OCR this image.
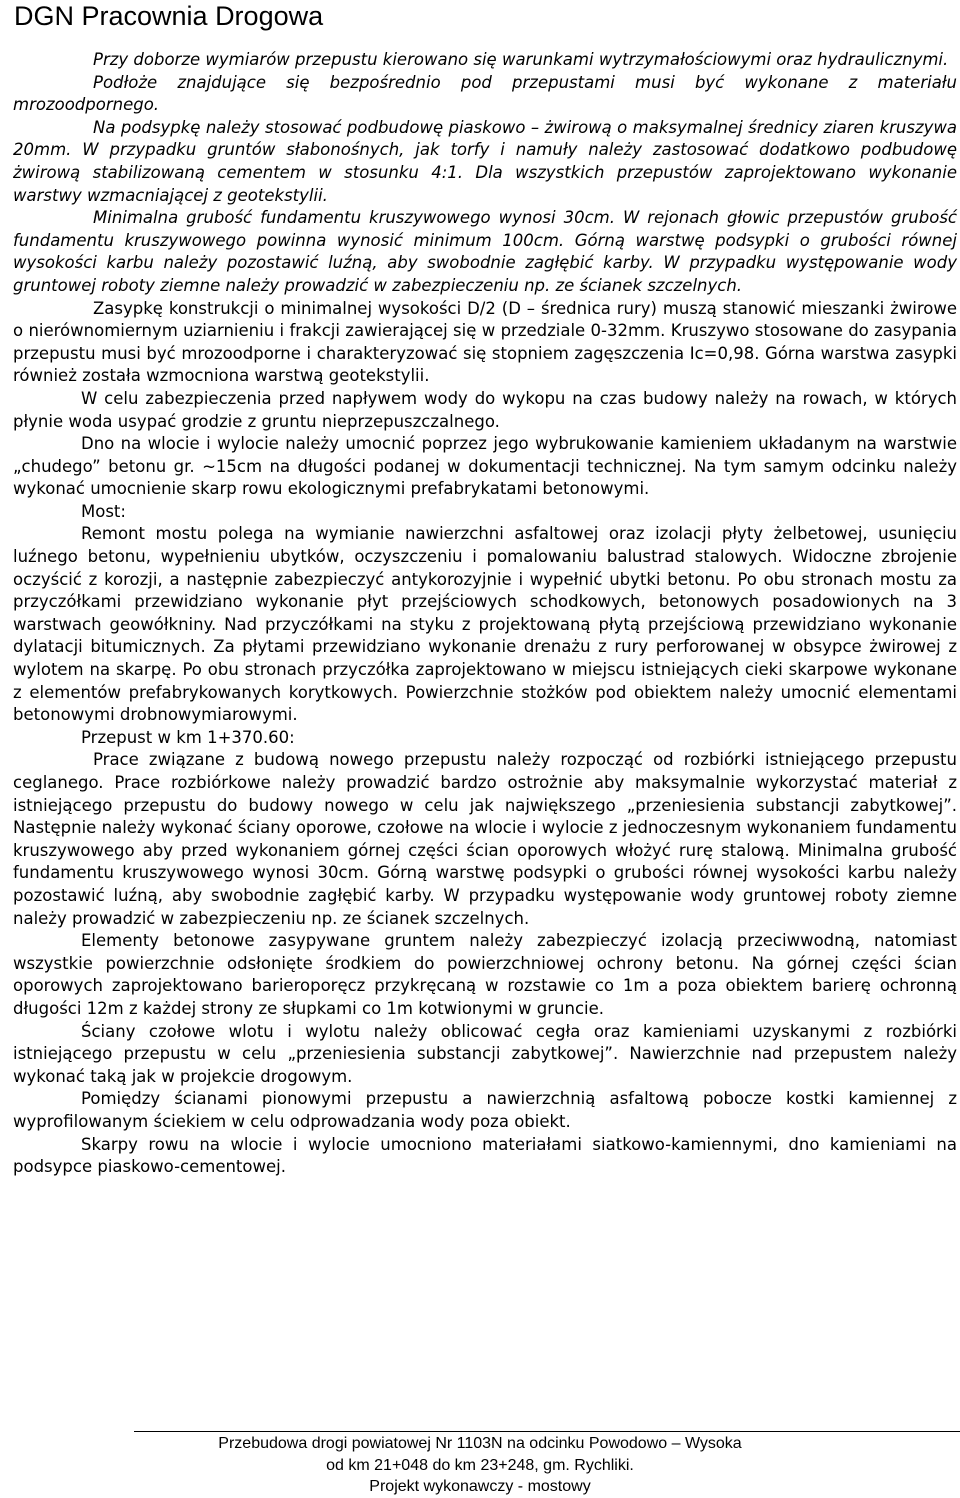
DGN Pracownia Drogowa

Przy doborze wymiarów przepustu kierowano się warunkami wytrzymałościowymi oraz hydraulicznymi.

Podłoże znajdujące się bezpośrednio pod przepustami musi być wykonane z materiału mrozoodpornego.

Na podsypkę należy stosować podbudowę piaskowo – żwirową o maksymalnej średnicy ziaren kruszywa 20mm. W przypadku gruntów słabonośnych, jak torfy i namuły należy zastosować dodatkowo podbudowę żwirową stabilizowaną cementem w stosunku 4:1. Dla wszystkich przepustów zaprojektowano wykonanie warstwy wzmacniającej z geotekstylii.

Minimalna grubość fundamentu kruszywowego wynosi 30cm. W rejonach głowic przepustów grubość fundamentu kruszywowego powinna wynosić minimum 100cm. Górną warstwę podsypki o grubości równej wysokości karbu należy pozostawić luźną, aby swobodnie zagłębić karby. W przypadku występowanie wody gruntowej roboty ziemne należy prowadzić w zabezpieczeniu np. ze ścianek szczelnych.

Zasypkę konstrukcji o minimalnej wysokości D/2 (D – średnica rury) muszą stanowić mieszanki żwirowe o nierównomiernym uziarnieniu i frakcji zawierającej się w przedziale 0-32mm. Kruszywo stosowane do zasypania przepustu musi być mrozoodporne i charakteryzować się stopniem zagęszczenia Ic=0,98. Górna warstwa zasypki również została wzmocniona warstwą geotekstylii.

W celu zabezpieczenia przed napływem wody do wykopu na czas budowy należy na rowach, w których płynie woda usypać grodzie z gruntu nieprzepuszczalnego.

Dno na wlocie i wylocie należy umocnić poprzez jego wybrukowanie kamieniem układanym na warstwie „chudego” betonu gr. ~15cm na długości podanej w dokumentacji technicznej. Na tym samym odcinku należy wykonać umocnienie skarp rowu ekologicznymi prefabrykatami betonowymi.

Most:

Remont mostu polega na wymianie nawierzchni asfaltowej oraz izolacji płyty żelbetowej, usunięciu luźnego betonu, wypełnieniu ubytków, oczyszczeniu i pomalowaniu balustrad stalowych. Widoczne zbrojenie oczyścić z korozji, a następnie zabezpieczyć antykorozyjnie i wypełnić ubytki betonu. Po obu stronach mostu za przyczółkami przewidziano wykonanie płyt przejściowych schodkowych, betonowych posadowionych na 3 warstwach geowółkniny. Nad przyczółkami na styku z projektowaną płytą przejściową przewidziano wykonanie dylatacji bitumicznych. Za płytami przewidziano wykonanie drenażu z rury perforowanej w obsypce żwirowej z wylotem na skarpę. Po obu stronach przyczółka zaprojektowano w miejscu istniejących cieki skarpowe wykonane z elementów prefabrykowanych korytkowych. Powierzchnie stożków pod obiektem należy umocnić elementami betonowymi drobnowymiarowymi.

Przepust w km 1+370.60:

Prace związane z budową nowego przepustu należy rozpocząć od rozbiórki istniejącego przepustu ceglanego. Prace rozbiórkowe należy prowadzić bardzo ostrożnie aby maksymalnie wykorzystać materiał z istniejącego przepustu do budowy nowego w celu jak największego „przeniesienia substancji zabytkowej”. Następnie należy wykonać ściany oporowe, czołowe na wlocie i wylocie z jednoczesnym wykonaniem fundamentu kruszywowego aby przed wykonaniem górnej części ścian oporowych włożyć rurę stalową. Minimalna grubość fundamentu kruszywowego wynosi 30cm. Górną warstwę podsypki o grubości równej wysokości karbu należy pozostawić luźną, aby swobodnie zagłębić karby. W przypadku występowanie wody gruntowej roboty ziemne należy prowadzić w zabezpieczeniu np. ze ścianek szczelnych.

Elementy betonowe zasypywane gruntem należy zabezpieczyć izolacją przeciwwodną, natomiast wszystkie powierzchnie odsłonięte środkiem do powierzchniowej ochrony betonu. Na górnej części ścian oporowych zaprojektowano barieroporęcz przykręcaną w rozstawie co 1m a poza obiektem barierę ochronną długości 12m z każdej strony ze słupkami co 1m kotwionymi w gruncie.

Ściany czołowe wlotu i wylotu należy oblicować cegła oraz kamieniami uzyskanymi z rozbiórki istniejącego przepustu w celu „przeniesienia substancji zabytkowej”. Nawierzchnie nad przepustem należy wykonać taką jak w projekcie drogowym.

Pomiędzy ścianami pionowymi przepustu a nawierzchnią asfaltową pobocze kostki kamiennej z wyprofilowanym ściekiem w celu odprowadzania wody poza obiekt.

Skarpy rowu na wlocie i wylocie umocniono materiałami siatkowo-kamiennymi, dno kamieniami na podsypce piaskowo-cementowej.

Przebudowa drogi powiatowej Nr 1103N na odcinku Powodowo – Wysoka
od km 21+048 do km 23+248, gm. Rychliki.
Projekt wykonawczy - mostowy
